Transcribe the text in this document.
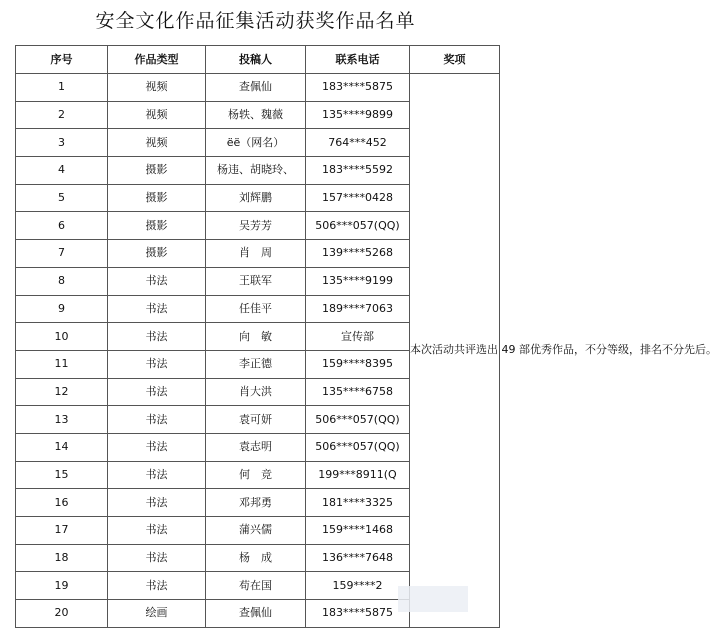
安全文化作品征集活动获奖作品名单
序号	作品类型	投稿人	联系电话	奖项
1	视频	查佩仙	183****5875	本次活动共评选出 49 部优秀作品，不分等级，排名不分先后。
2	视频	杨轶、魏薇	135****9899	
3	视频	ëë（网名）	764***452	
4	摄影	杨违、胡晓玲、	183****5592	
5	摄影	刘辉鹏	157****0428	
6	摄影	吴芳芳	506***057(QQ)	
7	摄影	肖　周	139****5268	
8	书法	王联军	135****9199	
9	书法	任佳平	189****7063	
10	书法	向　敏	宣传部	
11	书法	李正德	159****8395	
12	书法	肖大洪	135****6758	
13	书法	袁可妍	506***057(QQ)	
14	书法	袁志明	506***057(QQ)	
15	书法	何　竞	199***8911(Q	
16	书法	邓邦勇	181****3325	
17	书法	蒲兴儒	159****1468	
18	书法	杨　成	136****7648	
19	书法	苟在国	159****2	
20	绘画	查佩仙	183****5875	
